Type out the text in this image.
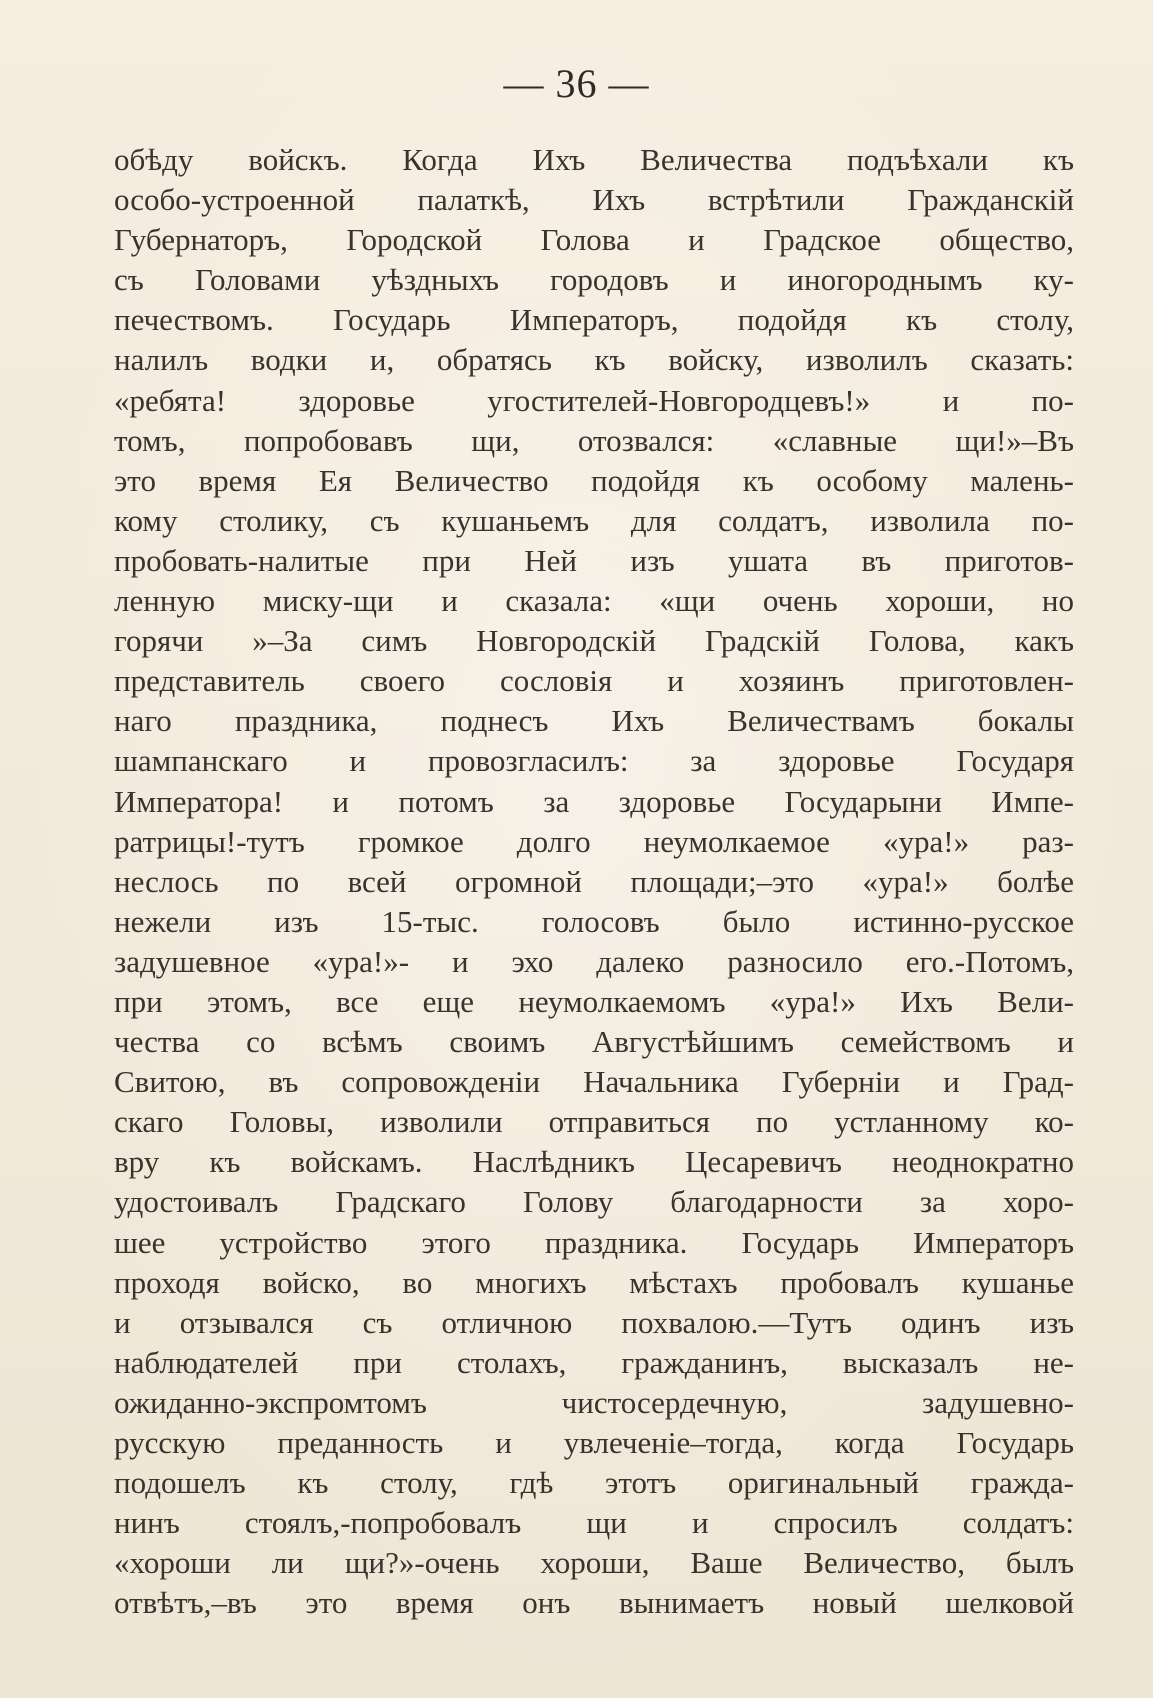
— 36 —
обѣду войскъ. Когда Ихъ Величества подъѣхали къ
особо-устроенной палаткѣ, Ихъ встрѣтили Гражданскій
Губернаторъ, Городской Голова и Градское общество,
съ Головами уѣздныхъ городовъ и иногороднымъ ку-
печествомъ. Государь Императоръ, подойдя къ столу,
налилъ водки и, обратясь къ войску, изволилъ сказать:
«ребята! здоровье угостителей-Новгородцевъ!» и по-
томъ, попробовавъ щи, отозвался: «славные щи!»–Въ
это время Ея Величество подойдя къ особому малень-
кому столику, съ кушаньемъ для солдатъ, изволила по-
пробовать-налитые при Ней изъ ушата въ приготов-
ленную миску-щи и сказала: «щи очень хороши, но
горячи »–За симъ Новгородскій Градскій Голова, какъ
представитель своего сословія и хозяинъ приготовлен-
наго праздника, поднесъ Ихъ Величествамъ бокалы
шампанскаго и провозгласилъ: за здоровье Государя
Императора! и потомъ за здоровье Государыни Импе-
ратрицы!-тутъ громкое долго неумолкаемое «ура!» раз-
неслось по всей огромной площади;–это «ура!» болѣе
нежели изъ 15-тыс. голосовъ было истинно-русское
задушевное «ура!»- и эхо далеко разносило его.-Потомъ,
при этомъ, все еще неумолкаемомъ «ура!» Ихъ Вели-
чества со всѣмъ своимъ Августѣйшимъ семействомъ и
Свитою, въ сопровожденіи Начальника Губерніи и Град-
скаго Головы, изволили отправиться по устланному ко-
вру къ войскамъ. Наслѣдникъ Цесаревичъ неоднократно
удостоивалъ Градскаго Голову благодарности за хоро-
шее устройство этого праздника. Государь Императоръ
проходя войско, во многихъ мѣстахъ пробовалъ кушанье
и отзывался съ отличною похвалою.—Тутъ одинъ изъ
наблюдателей при столахъ, гражданинъ, высказалъ не-
ожиданно-экспромтомъ чистосердечную, задушевно-
русскую преданность и увлеченіе–тогда, когда Государь
подошелъ къ столу, гдѣ этотъ оригинальный гражда-
нинъ стоялъ,-попробовалъ щи и спросилъ солдатъ:
«хороши ли щи?»-очень хороши, Ваше Величество, былъ
отвѣтъ,–въ это время онъ вынимаетъ новый шелковой
